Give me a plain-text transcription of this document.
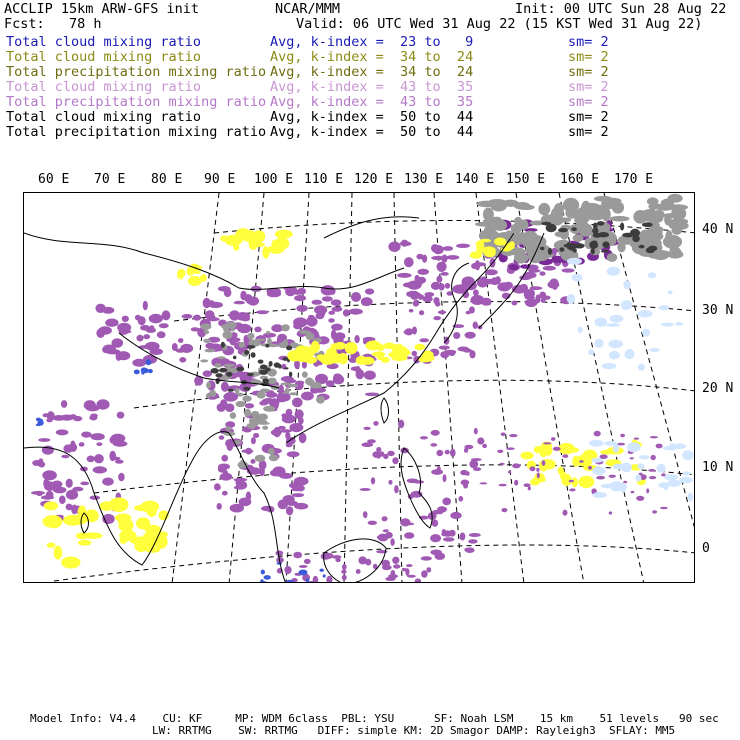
ACCLIP 15km ARW-GFS init
Fcst:   78 h
NCAR/MMM	Init: 00 UTC Sun 28 Aug 22
Valid: 06 UTC Wed 31 Aug 22 (15 KST Wed 31 Aug 22)
Total cloud mixing ratio	Avg, k-index =  23 to   9	sm= 2
Total cloud mixing ratio	Avg, k-index =  34 to  24	sm= 2
Total precipitation mixing ratio Avg, k-index =  34 to  24	sm= 2
Total cloud mixing ratio	Avg, k-index =  43 to  35	sm= 2
Total precipitation mixing ratio Avg, k-index =  43 to  35	sm= 2
Total cloud mixing ratio	Avg, k-index =  50 to  44	sm= 2
Total precipitation mixing ratio Avg, k-index =  50 to  44	sm= 2
60 E 70 E 80 E 90 E 100 E 110 E 120 E 130 E 140 E 150 E 160 E 170 E
40 N
30 N
20 N
10 N
0
Model Info: V4.4    CU: KF     MP: WDM 6class  PBL: YSU      SF: Noah LSM    15 km    51 levels   90 sec
LW: RRTMG    SW: RRTMG   DIFF: simple KM: 2D Smagor DAMP: Rayleigh3  SFLAY: MM5
